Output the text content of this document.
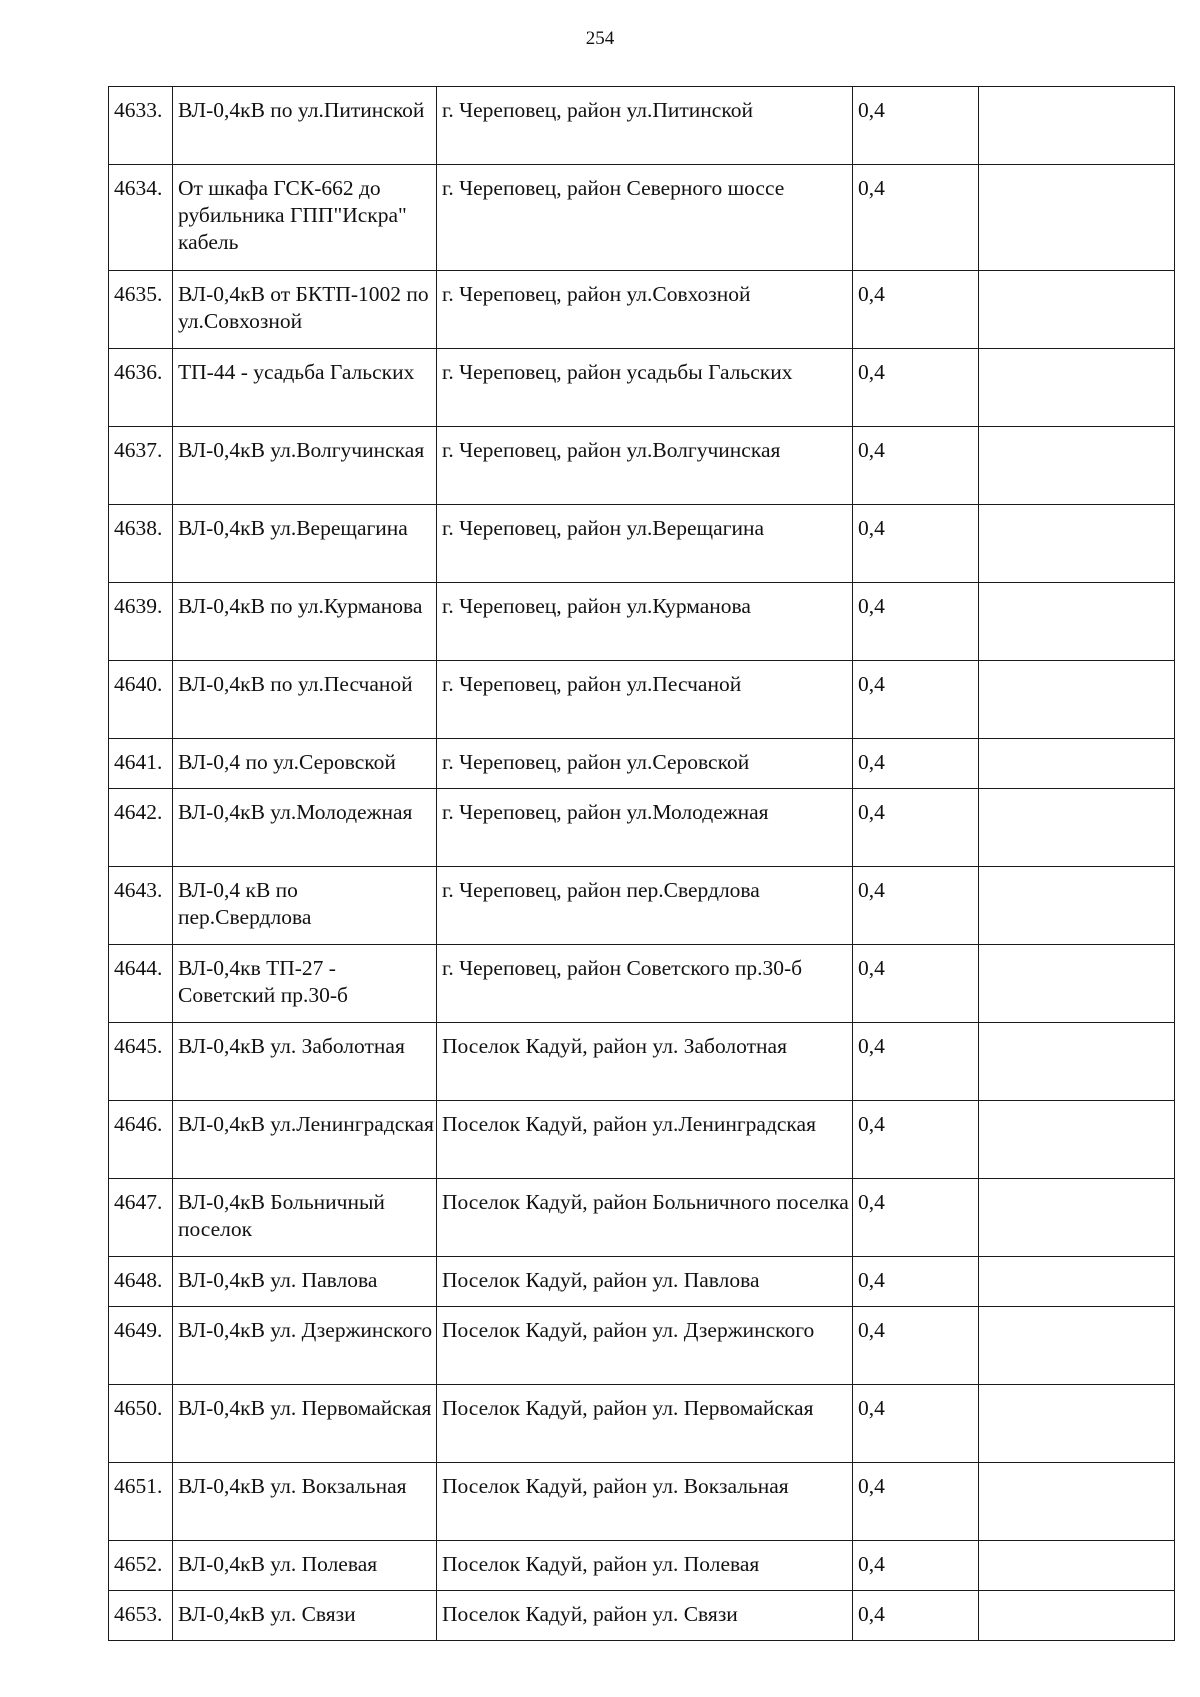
254
4633.	ВЛ-0,4кВ по ул.Питинской	г. Череповец, район ул.Питинской	0,4	
4634.	От шкафа ГСК-662 до рубильника ГПП"Искра" кабель	г. Череповец, район Северного шоссе	0,4	
4635.	ВЛ-0,4кВ от БКТП-1002 по ул.Совхозной	г. Череповец, район ул.Совхозной	0,4	
4636.	ТП-44 - усадьба Гальских	г. Череповец, район усадьбы Гальских	0,4	
4637.	ВЛ-0,4кВ ул.Волгучинская	г. Череповец, район ул.Волгучинская	0,4	
4638.	ВЛ-0,4кВ ул.Верещагина	г. Череповец, район ул.Верещагина	0,4	
4639.	ВЛ-0,4кВ по ул.Курманова	г. Череповец, район ул.Курманова	0,4	
4640.	ВЛ-0,4кВ по ул.Песчаной	г. Череповец, район ул.Песчаной	0,4	
4641.	ВЛ-0,4 по ул.Серовской	г. Череповец, район ул.Серовской	0,4	
4642.	ВЛ-0,4кВ ул.Молодежная	г. Череповец, район ул.Молодежная	0,4	
4643.	ВЛ-0,4 кВ по пер.Свердлова	г. Череповец, район пер.Свердлова	0,4	
4644.	ВЛ-0,4кв ТП-27 - Советский пр.30-б	г. Череповец, район Советского пр.30-б	0,4	
4645.	ВЛ-0,4кВ ул. Заболотная	Поселок Кадуй, район ул. Заболотная	0,4	
4646.	ВЛ-0,4кВ ул.Ленинградская	Поселок Кадуй, район ул.Ленинградская	0,4	
4647.	ВЛ-0,4кВ Больничный поселок	Поселок Кадуй, район Больничного поселка	0,4	
4648.	ВЛ-0,4кВ ул. Павлова	Поселок Кадуй, район ул. Павлова	0,4	
4649.	ВЛ-0,4кВ ул. Дзержинского	Поселок Кадуй, район ул. Дзержинского	0,4	
4650.	ВЛ-0,4кВ ул. Первомайская	Поселок Кадуй, район ул. Первомайская	0,4	
4651.	ВЛ-0,4кВ ул. Вокзальная	Поселок Кадуй, район ул. Вокзальная	0,4	
4652.	ВЛ-0,4кВ ул. Полевая	Поселок Кадуй, район ул. Полевая	0,4	
4653.	ВЛ-0,4кВ ул. Связи	Поселок Кадуй, район ул. Связи	0,4	
